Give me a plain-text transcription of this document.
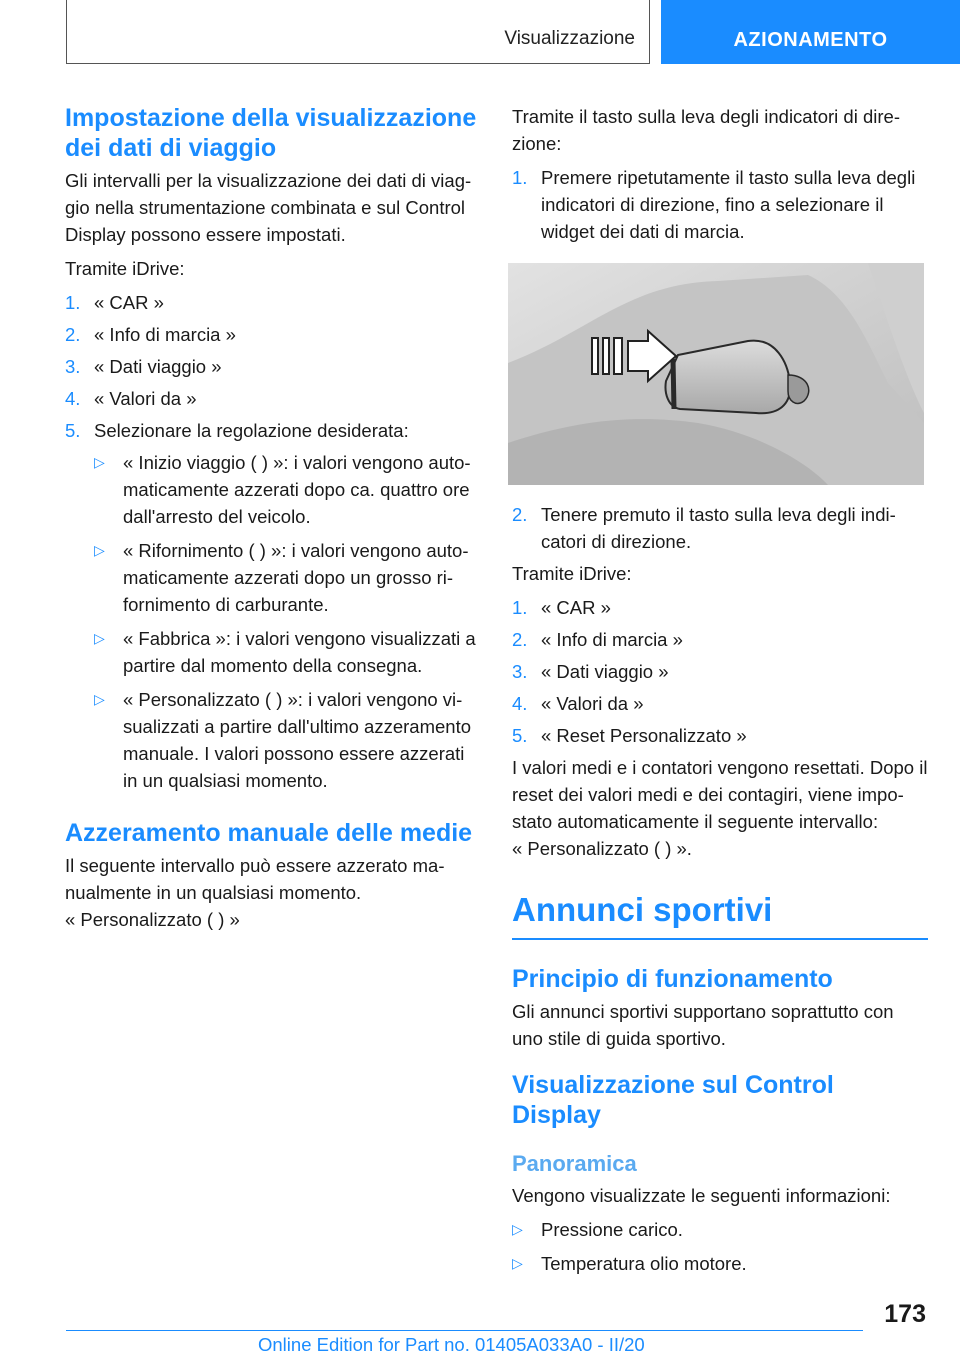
Visualizzazione	AZIONAMENTO
Impostazione della visualizzazione dei dati di viaggio

Gli intervalli per la visualizzazione dei dati di viaggio nella strumentazione combinata e sul Control Display possono essere impostati.

Tramite iDrive:

1. « CAR »
2. « Info di marcia »
3. « Dati viaggio »
4. « Valori da »
5. Selezionare la regolazione desiderata:
▷ « Inizio viaggio ( ) »: i valori vengono automaticamente azzerati dopo ca. quattro ore dall'arresto del veicolo.
▷ « Rifornimento ( ) »: i valori vengono automaticamente azzerati dopo un grosso rifornimento di carburante.
▷ « Fabbrica »: i valori vengono visualizzati a partire dal momento della consegna.
▷ « Personalizzato ( ) »: i valori vengono visualizzati a partire dall'ultimo azzeramento manuale. I valori possono essere azzerati in un qualsiasi momento.
Azzeramento manuale delle medie

Il seguente intervallo può essere azzerato manualmente in un qualsiasi momento.

« Personalizzato ( ) »

Tramite il tasto sulla leva degli indicatori di direzione:

1. Premere ripetutamente il tasto sulla leva degli indicatori di direzione, fino a selezionare il widget dei dati di marcia.
2. Tenere premuto il tasto sulla leva degli indicatori di direzione.

Tramite iDrive:

1. « CAR »
2. « Info di marcia »
3. « Dati viaggio »
4. « Valori da »
5. « Reset Personalizzato »

I valori medi e i contatori vengono resettati. Dopo il reset dei valori medi e dei contagiri, viene impostato automaticamente il seguente intervallo:

« Personalizzato ( ) ».

Annunci sportivi
Principio di funzionamento

Gli annunci sportivi supportano soprattutto con uno stile di guida sportivo.

Visualizzazione sul Control Display
Panoramica

Vengono visualizzate le seguenti informazioni:

▷ Pressione carico.
▷ Temperatura olio motore.
173
Online Edition for Part no. 01405A033A0 - II/20
